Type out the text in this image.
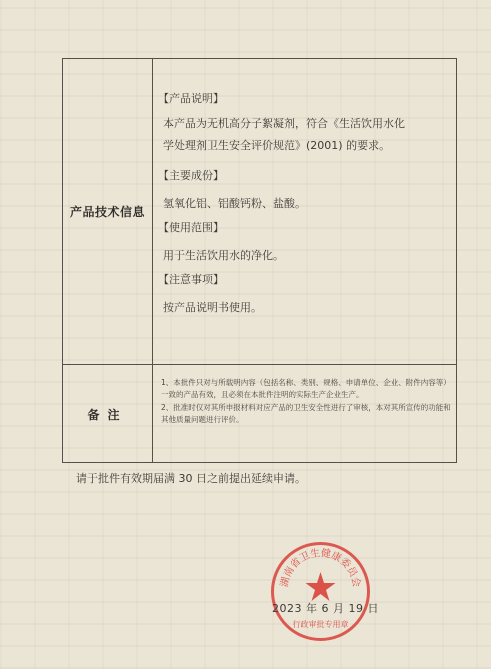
产品技术信息
【产品说明】
本产品为无机高分子絮凝剂，符合《生活饮用水化
学处理剂卫生安全评价规范》(2001) 的要求。
【主要成份】
氢氧化铝、铝酸钙粉、盐酸。
【使用范围】
用于生活饮用水的净化。
【注意事项】
按产品说明书使用。
备注

1、本批件只对与所载明内容（包括名称、类别、规格、申请单位、企业、附件内容等）一致的产品有效，且必须在本批件注明的实际生产企业生产。

2、批准时仅对其所申报材料对应产品的卫生安全性进行了审核，本对其所宣传的功能和其他质量问题进行评价。

请于批件有效期届满 30 日之前提出延续申请。
湖南省卫生健康委员会
行政审批专用章
2023 年 6 月 19 日
